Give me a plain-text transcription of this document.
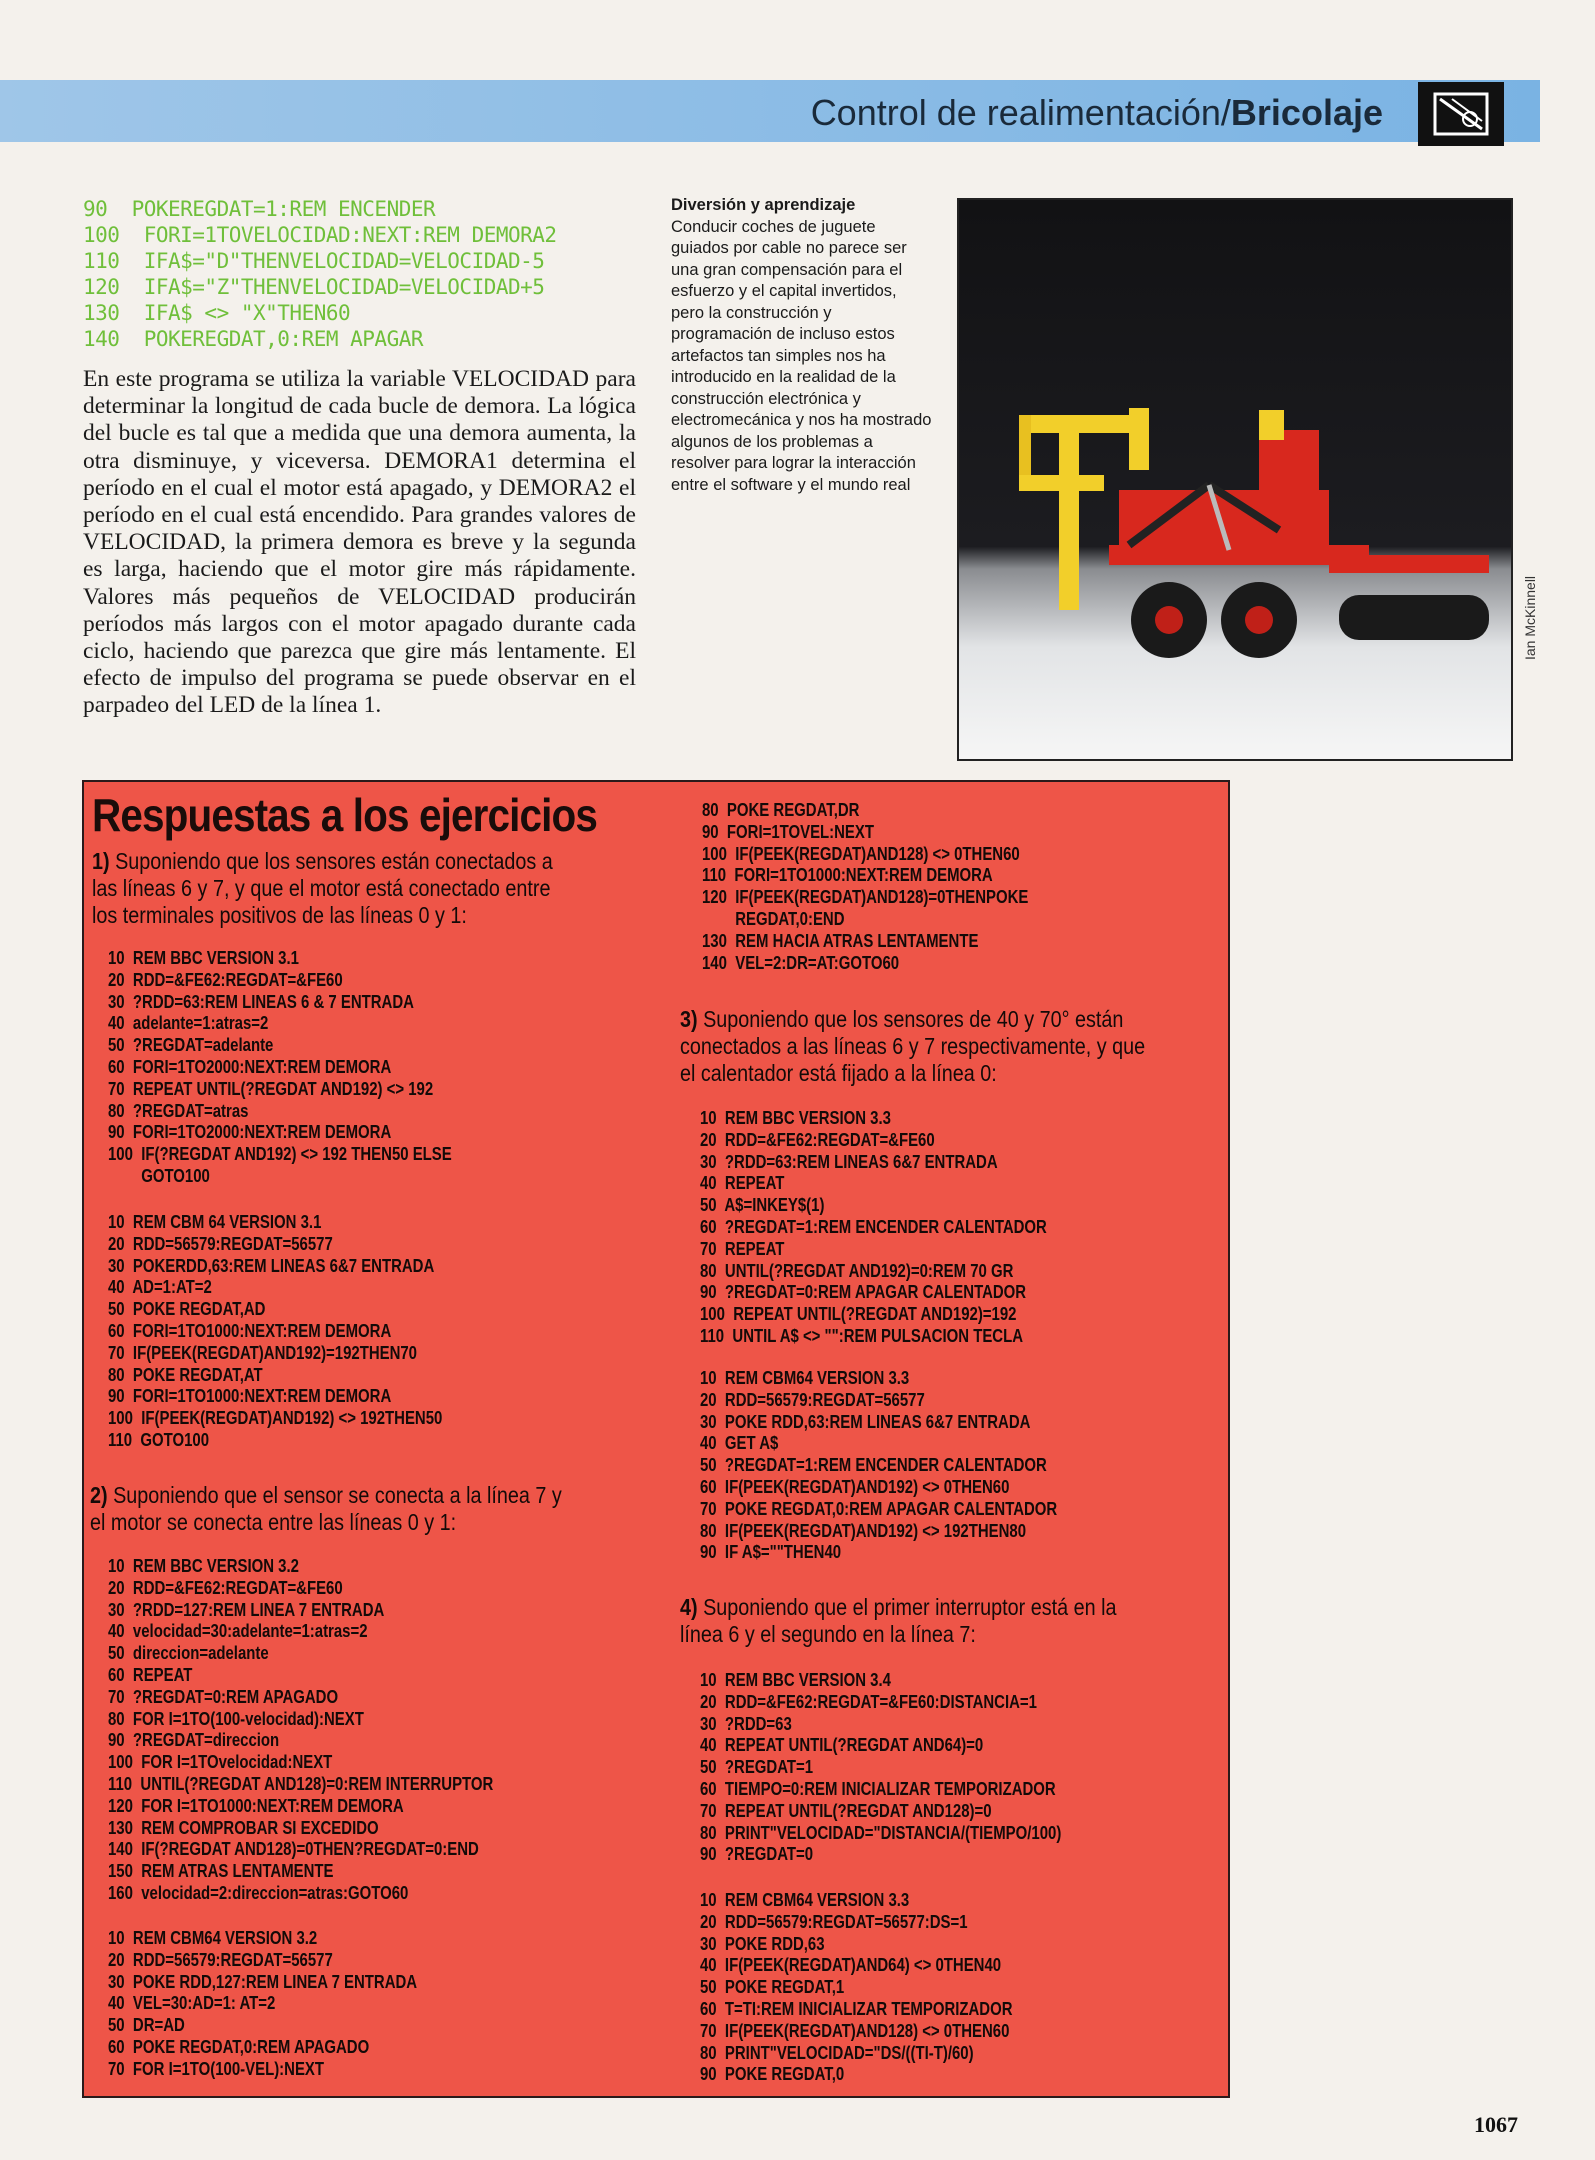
Control de realimentación/Bricolaje
90  POKEREGDAT=1:REM ENCENDER
100  FORI=1TOVELOCIDAD:NEXT:REM DEMORA2
110  IFA$="D"THENVELOCIDAD=VELOCIDAD-5
120  IFA$="Z"THENVELOCIDAD=VELOCIDAD+5
130  IFA$ <> "X"THEN60
140  POKEREGDAT,0:REM APAGAR
En este programa se utiliza la variable VELOCIDAD para determinar la longitud de cada bucle de demora. La lógica del bucle es tal que a medida que una demora aumenta, la otra disminuye, y viceversa. DEMORA1 determina el período en el cual el motor está apagado, y DEMORA2 el período en el cual está encendido. Para grandes valores de VELOCIDAD, la primera demora es breve y la segunda es larga, haciendo que el motor gire más rápidamente. Valores más pequeños de VELOCIDAD producirán períodos más largos con el motor apagado durante cada ciclo, haciendo que parezca que gire más lentamente. El efecto de impulso del programa se puede observar en el parpadeo del LED de la línea 1.
Diversión y aprendizaje
Conducir coches de juguete guiados por cable no parece ser una gran compensación para el esfuerzo y el capital invertidos, pero la construcción y programación de incluso estos artefactos tan simples nos ha introducido en la realidad de la construcción electrónica y electromecánica y nos ha mostrado algunos de los problemas a resolver para lograr la interacción entre el software y el mundo real
Ian McKinnell
Respuestas a los ejercicios
1) Suponiendo que los sensores están conectados a las líneas 6 y 7, y que el motor está conectado entre los terminales positivos de las líneas 0 y 1:
10  REM BBC VERSION 3.1
20  RDD=&FE62:REGDAT=&FE60
30  ?RDD=63:REM LINEAS 6 & 7 ENTRADA
40  adelante=1:atras=2
50  ?REGDAT=adelante
60  FORI=1TO2000:NEXT:REM DEMORA
70  REPEAT UNTIL(?REGDAT AND192) <> 192
80  ?REGDAT=atras
90  FORI=1TO2000:NEXT:REM DEMORA
100  IF(?REGDAT AND192) <> 192 THEN50 ELSE
GOTO100
10  REM CBM 64 VERSION 3.1
20  RDD=56579:REGDAT=56577
30  POKERDD,63:REM LINEAS 6&7 ENTRADA
40  AD=1:AT=2
50  POKE REGDAT,AD
60  FORI=1TO1000:NEXT:REM DEMORA
70  IF(PEEK(REGDAT)AND192)=192THEN70
80  POKE REGDAT,AT
90  FORI=1TO1000:NEXT:REM DEMORA
100  IF(PEEK(REGDAT)AND192) <> 192THEN50
110  GOTO100
2) Suponiendo que el sensor se conecta a la línea 7 y el motor se conecta entre las líneas 0 y 1:
10  REM BBC VERSION 3.2
20  RDD=&FE62:REGDAT=&FE60
30  ?RDD=127:REM LINEA 7 ENTRADA
40  velocidad=30:adelante=1:atras=2
50  direccion=adelante
60  REPEAT
70  ?REGDAT=0:REM APAGADO
80  FOR I=1TO(100-velocidad):NEXT
90  ?REGDAT=direccion
100  FOR I=1TOvelocidad:NEXT
110  UNTIL(?REGDAT AND128)=0:REM INTERRUPTOR
120  FOR I=1TO1000:NEXT:REM DEMORA
130  REM COMPROBAR SI EXCEDIDO
140  IF(?REGDAT AND128)=0THEN?REGDAT=0:END
150  REM ATRAS LENTAMENTE
160  velocidad=2:direccion=atras:GOTO60
10  REM CBM64 VERSION 3.2
20  RDD=56579:REGDAT=56577
30  POKE RDD,127:REM LINEA 7 ENTRADA
40  VEL=30:AD=1: AT=2
50  DR=AD
60  POKE REGDAT,0:REM APAGADO
70  FOR I=1TO(100-VEL):NEXT
80  POKE REGDAT,DR
90  FORI=1TOVEL:NEXT
100  IF(PEEK(REGDAT)AND128) <> 0THEN60
110  FORI=1TO1000:NEXT:REM DEMORA
120  IF(PEEK(REGDAT)AND128)=0THENPOKE
REGDAT,0:END
130  REM HACIA ATRAS LENTAMENTE
140  VEL=2:DR=AT:GOTO60
3) Suponiendo que los sensores de 40 y 70° están conectados a las líneas 6 y 7 respectivamente, y que el calentador está fijado a la línea 0:
10  REM BBC VERSION 3.3
20  RDD=&FE62:REGDAT=&FE60
30  ?RDD=63:REM LINEAS 6&7 ENTRADA
40  REPEAT
50  A$=INKEY$(1)
60  ?REGDAT=1:REM ENCENDER CALENTADOR
70  REPEAT
80  UNTIL(?REGDAT AND192)=0:REM 70 GR
90  ?REGDAT=0:REM APAGAR CALENTADOR
100  REPEAT UNTIL(?REGDAT AND192)=192
110  UNTIL A$ <> "":REM PULSACION TECLA
10  REM CBM64 VERSION 3.3
20  RDD=56579:REGDAT=56577
30  POKE RDD,63:REM LINEAS 6&7 ENTRADA
40  GET A$
50  ?REGDAT=1:REM ENCENDER CALENTADOR
60  IF(PEEK(REGDAT)AND192) <> 0THEN60
70  POKE REGDAT,0:REM APAGAR CALENTADOR
80  IF(PEEK(REGDAT)AND192) <> 192THEN80
90  IF A$=""THEN40
4) Suponiendo que el primer interruptor está en la línea 6 y el segundo en la línea 7:
10  REM BBC VERSION 3.4
20  RDD=&FE62:REGDAT=&FE60:DISTANCIA=1
30  ?RDD=63
40  REPEAT UNTIL(?REGDAT AND64)=0
50  ?REGDAT=1
60  TIEMPO=0:REM INICIALIZAR TEMPORIZADOR
70  REPEAT UNTIL(?REGDAT AND128)=0
80  PRINT"VELOCIDAD="DISTANCIA/(TIEMPO/100)
90  ?REGDAT=0
10  REM CBM64 VERSION 3.3
20  RDD=56579:REGDAT=56577:DS=1
30  POKE RDD,63
40  IF(PEEK(REGDAT)AND64) <> 0THEN40
50  POKE REGDAT,1
60  T=TI:REM INICIALIZAR TEMPORIZADOR
70  IF(PEEK(REGDAT)AND128) <> 0THEN60
80  PRINT"VELOCIDAD="DS/((TI-T)/60)
90  POKE REGDAT,0
1067
